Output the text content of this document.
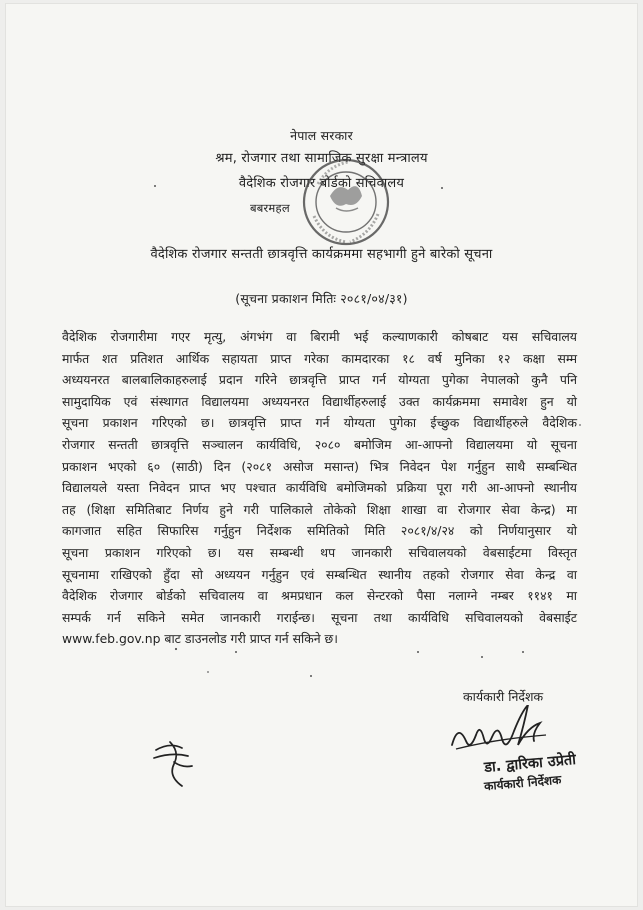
नेपाल सरकार
श्रम, रोजगार तथा सामाजिक सुरक्षा मन्त्रालय
वैदेशिक रोजगार बोर्डको सचिवालय
बबरमहल
वैदेशिक रोजगार सन्तती छात्रवृत्ति कार्यक्रममा सहभागी हुने बारेको सूचना
(सूचना प्रकाशन मितिः २०८१/०४/३१)
वैदेशिक रोजगारीमा गएर मृत्यु, अंगभंग वा बिरामी भई कल्याणकारी कोषबाट यस सचिवालय
मार्फत शत प्रतिशत आर्थिक सहायता प्राप्त गरेका कामदारका १८ वर्ष मुनिका १२ कक्षा सम्म
अध्ययनरत बालबालिकाहरुलाई प्रदान गरिने छात्रवृत्ति प्राप्त गर्न योग्यता पुगेका नेपालको कुनै पनि
सामुदायिक एवं संस्थागत विद्यालयमा अध्ययनरत विद्यार्थीहरुलाई उक्त कार्यक्रममा समावेश हुन यो
सूचना प्रकाशन गरिएको छ। छात्रवृत्ति प्राप्त गर्न योग्यता पुगेका ईच्छुक विद्यार्थीहरुले वैदेशिक
रोजगार सन्तती छात्रवृत्ति सञ्चालन कार्यविधि, २०८० बमोजिम आ-आफ्नो विद्यालयमा यो सूचना
प्रकाशन भएको ६० (साठी) दिन (२०८१ असोज मसान्त) भित्र निवेदन पेश गर्नुहुन साथै सम्बन्धित
विद्यालयले यस्ता निवेदन प्राप्त भए पश्चात कार्यविधि बमोजिमको प्रक्रिया पूरा गरी आ-आफ्नो स्थानीय
तह (शिक्षा समितिबाट निर्णय हुने गरी पालिकाले तोकेको शिक्षा शाखा वा रोजगार सेवा केन्द्र) मा
कागजात सहित सिफारिस गर्नुहुन निर्देशक समितिको मिति २०८१/४/२४ को निर्णयानुसार यो
सूचना प्रकाशन गरिएको छ। यस सम्बन्धी थप जानकारी सचिवालयको वेबसाईटमा विस्तृत
सूचनामा राखिएको हुँदा सो अध्ययन गर्नुहुन एवं सम्बन्धित स्थानीय तहको रोजगार सेवा केन्द्र वा
वैदेशिक रोजगार बोर्डको सचिवालय वा श्रमप्रधान कल सेन्टरको पैसा नलाग्ने नम्बर ११४१ मा
सम्पर्क गर्न सकिने समेत जानकारी गराईन्छ। सूचना तथा कार्यविधि सचिवालयको वेबसाईट
www.feb.gov.np बाट डाउनलोड गरी प्राप्त गर्न सकिने छ।
कार्यकारी निर्देशक
डा. द्वारिका उप्रेती
कार्यकारी निर्देशक
